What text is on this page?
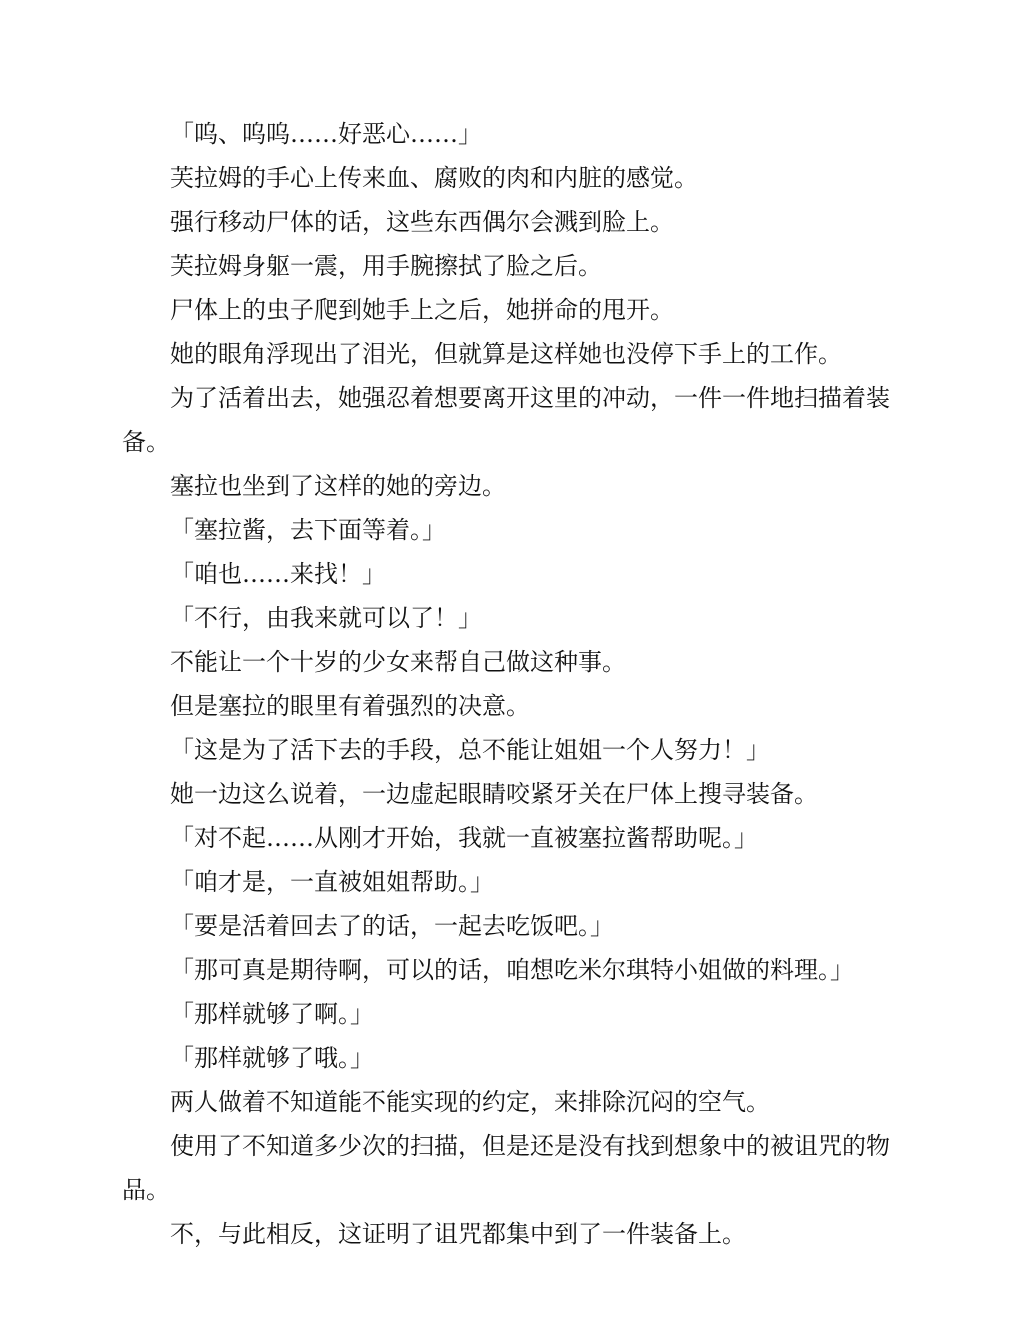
「呜、呜呜……好恶心……」

芙拉姆的手心上传来血、腐败的肉和内脏的感觉。

强行移动尸体的话，这些东西偶尔会溅到脸上。

芙拉姆身躯一震，用手腕擦拭了脸之后。

尸体上的虫子爬到她手上之后，她拼命的甩开。

她的眼角浮现出了泪光，但就算是这样她也没停下手上的工作。

为了活着出去，她强忍着想要离开这里的冲动，一件一件地扫描着装备。

塞拉也坐到了这样的她的旁边。

「塞拉酱，去下面等着。」

「咱也……来找！」

「不行，由我来就可以了！」

不能让一个十岁的少女来帮自己做这种事。

但是塞拉的眼里有着强烈的决意。

「这是为了活下去的手段，总不能让姐姐一个人努力！」

她一边这么说着，一边虚起眼睛咬紧牙关在尸体上搜寻装备。

「对不起……从刚才开始，我就一直被塞拉酱帮助呢。」

「咱才是，一直被姐姐帮助。」

「要是活着回去了的话，一起去吃饭吧。」

「那可真是期待啊，可以的话，咱想吃米尔琪特小姐做的料理。」

「那样就够了啊。」

「那样就够了哦。」

两人做着不知道能不能实现的约定，来排除沉闷的空气。

使用了不知道多少次的扫描，但是还是没有找到想象中的被诅咒的物品。

不，与此相反，这证明了诅咒都集中到了一件装备上。
